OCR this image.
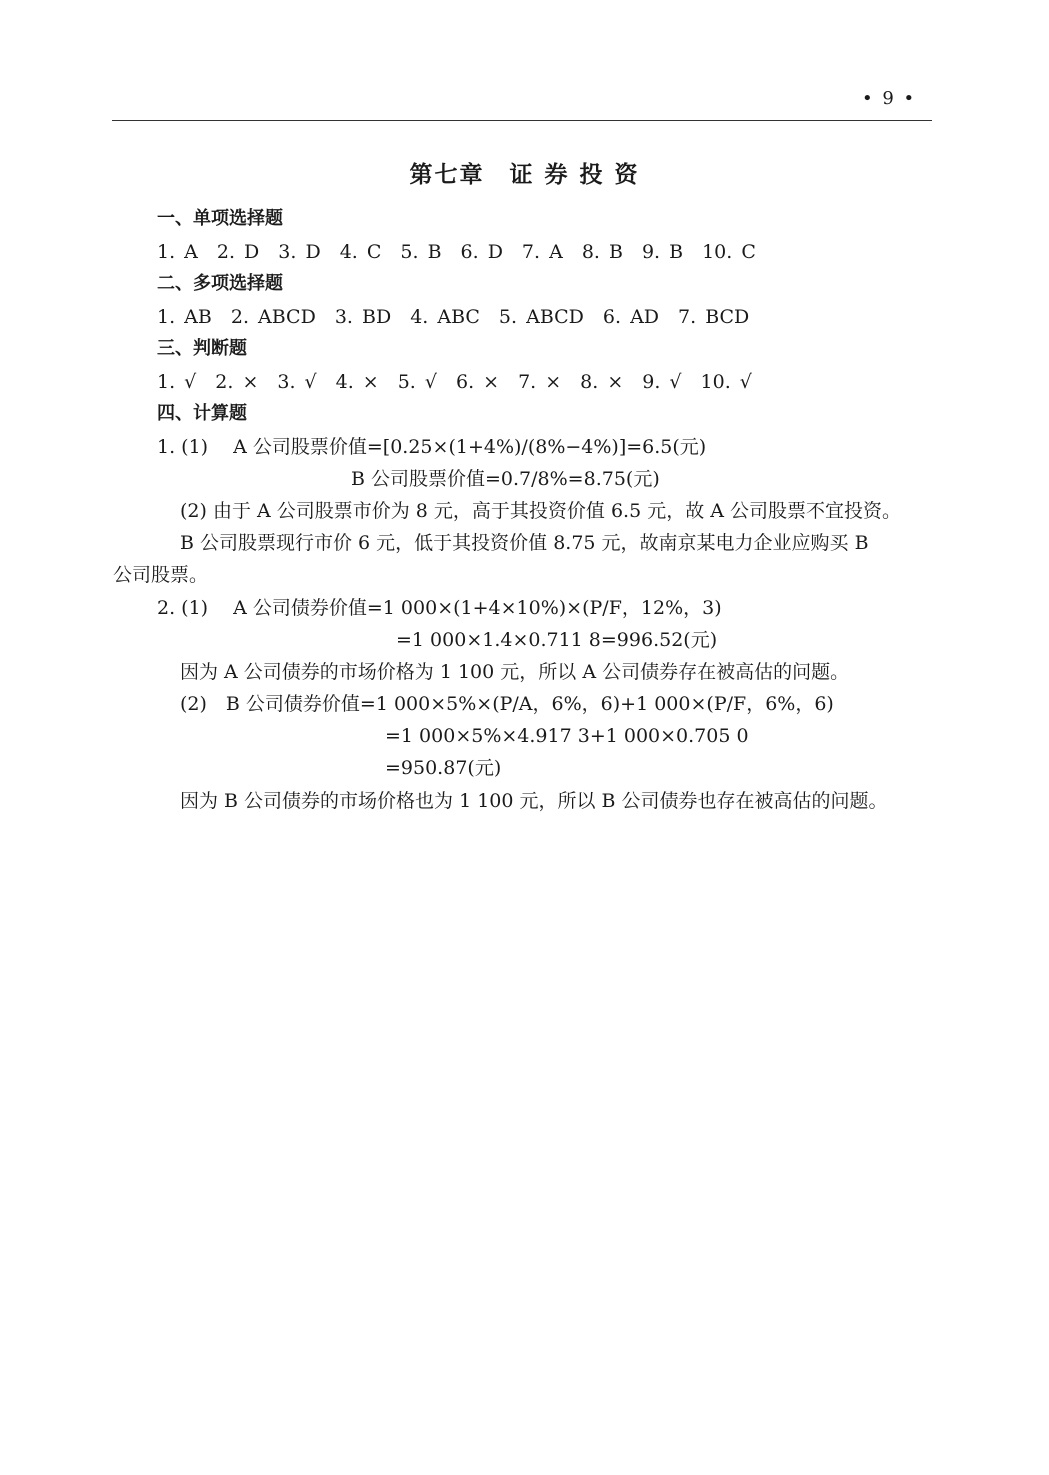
• 9 •
第七章　证 券 投 资
一、单项选择题
1. A　2. D　3. D　4. C　5. B　6. D　7. A　8. B　9. B　10. C
二、多项选择题
1. AB　2. ABCD　3. BD　4. ABC　5. ABCD　6. AD　7. BCD
三、判断题
1. √　2. ×　3. √　4. ×　5. √　6. ×　7. ×　8. ×　9. √　10. √
四、计算题
1. (1)　 A 公司股票价值=[0.25×(1+4%)/(8%−4%)]=6.5(元)
B 公司股票价值=0.7/8%=8.75(元)
(2) 由于 A 公司股票市价为 8 元，高于其投资价值 6.5 元，故 A 公司股票不宜投资。
B 公司股票现行市价 6 元，低于其投资价值 8.75 元，故南京某电力企业应购买 B
公司股票。
2. (1)　 A 公司债券价值=1 000×(1+4×10%)×(P/F，12%，3)
=1 000×1.4×0.711 8=996.52(元)
因为 A 公司债券的市场价格为 1 100 元，所以 A 公司债券存在被高估的问题。
(2)　B 公司债券价值=1 000×5%×(P/A，6%，6)+1 000×(P/F，6%，6)
=1 000×5%×4.917 3+1 000×0.705 0
=950.87(元)
因为 B 公司债券的市场价格也为 1 100 元，所以 B 公司债券也存在被高估的问题。
